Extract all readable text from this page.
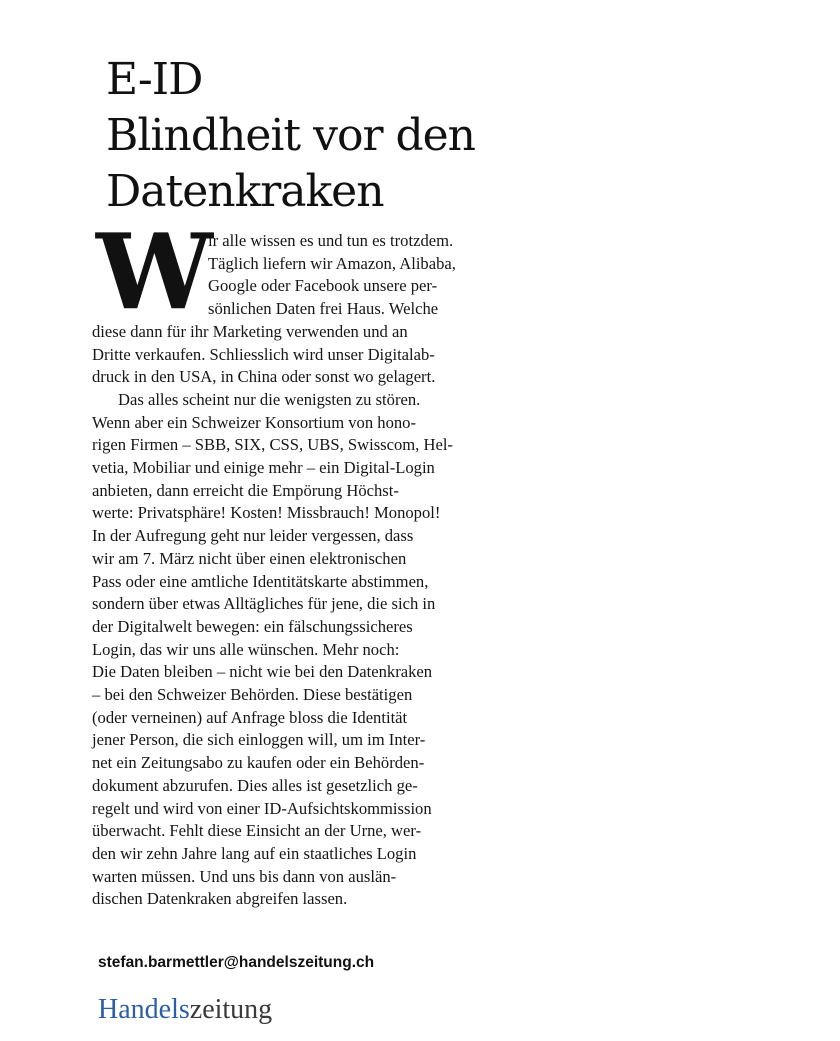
E-ID
Blindheit vor den
Datenkraken
W
ir alle wissen es und tun es trotzdem.
Täglich liefern wir Amazon, Alibaba,
Google oder Facebook unsere per-
sönlichen Daten frei Haus. Welche
diese dann für ihr Marketing verwenden und an
Dritte verkaufen. Schliesslich wird unser Digitalab-
druck in den USA, in China oder sonst wo gelagert.
Das alles scheint nur die wenigsten zu stören.
Wenn aber ein Schweizer Konsortium von hono-
rigen Firmen – SBB, SIX, CSS, UBS, Swisscom, Hel-
vetia, Mobiliar und einige mehr – ein Digital-Login
anbieten, dann erreicht die Empörung Höchst-
werte: Privatsphäre! Kosten! Missbrauch! Monopol!
In der Aufregung geht nur leider vergessen, dass
wir am 7. März nicht über einen elektronischen
Pass oder eine amtliche Identitätskarte abstimmen,
sondern über etwas Alltägliches für jene, die sich in
der Digitalwelt bewegen: ein fälschungssicheres
Login, das wir uns alle wünschen. Mehr noch:
Die Daten bleiben – nicht wie bei den Datenkraken
– bei den Schweizer Behörden. Diese bestätigen
(oder verneinen) auf Anfrage bloss die Identität
jener Person, die sich einloggen will, um im Inter-
net ein Zeitungsabo zu kaufen oder ein Behörden-
dokument abzurufen. Dies alles ist gesetzlich ge-
regelt und wird von einer ID-Aufsichtskommission
überwacht. Fehlt diese Einsicht an der Urne, wer-
den wir zehn Jahre lang auf ein staatliches Login
warten müssen. Und uns bis dann von auslän-
dischen Datenkraken abgreifen lassen.
stefan.barmettler@handelszeitung.ch
Handelszeitung
